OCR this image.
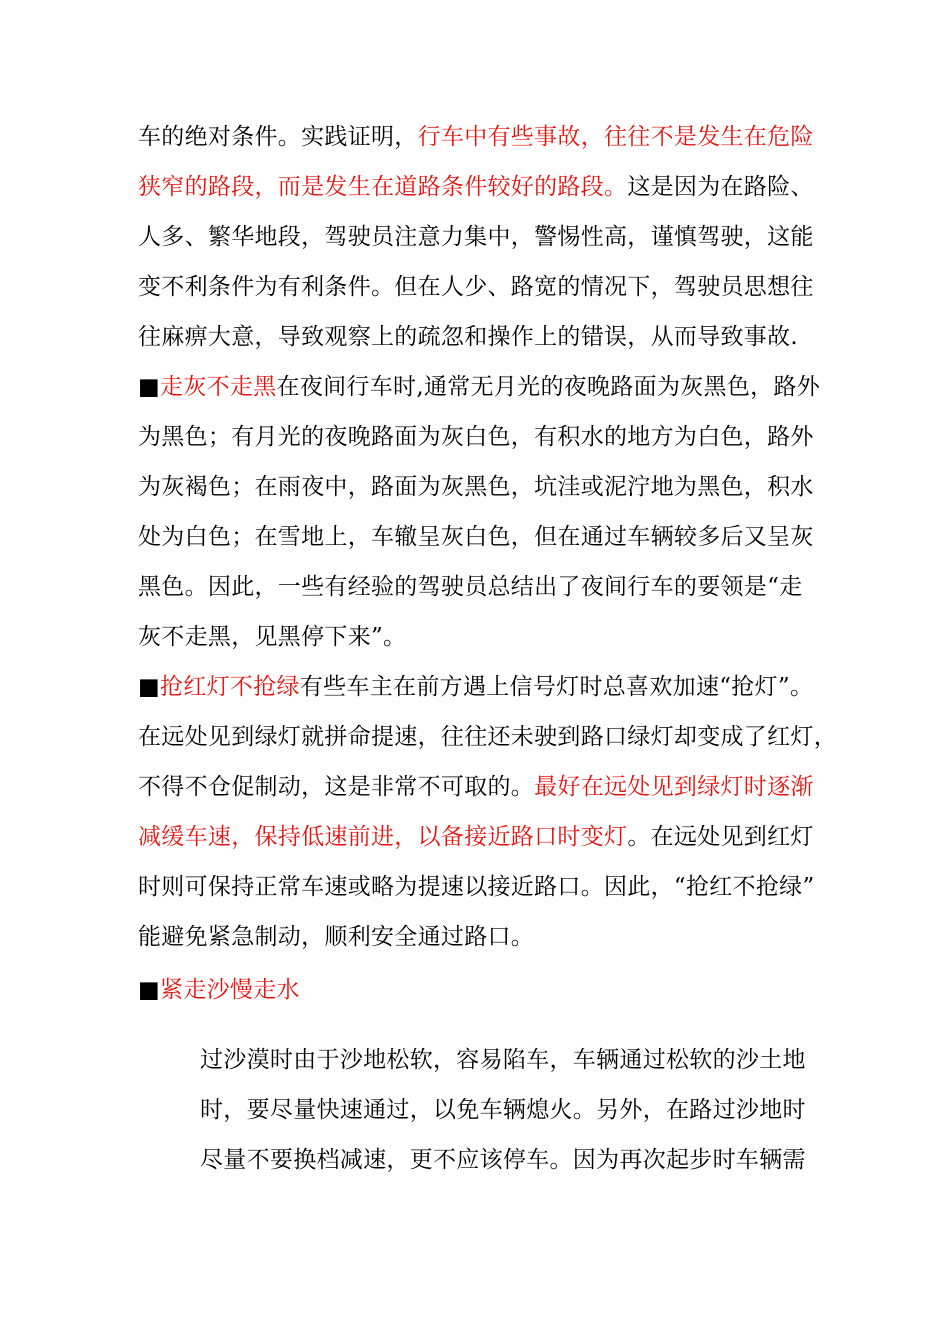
车的绝对条件。实践证明，行车中有些事故，往往不是发生在危险
狭窄的路段，而是发生在道路条件较好的路段。这是因为在路险、
人多、繁华地段，驾驶员注意力集中，警惕性高，谨慎驾驶，这能
变不利条件为有利条件。但在人少、路宽的情况下，驾驶员思想往
往麻痹大意，导致观察上的疏忽和操作上的错误，从而导致事故.
■走灰不走黑在夜间行车时,通常无月光的夜晚路面为灰黑色，路外
为黑色；有月光的夜晚路面为灰白色，有积水的地方为白色，路外
为灰褐色；在雨夜中，路面为灰黑色，坑洼或泥泞地为黑色，积水
处为白色；在雪地上，车辙呈灰白色，但在通过车辆较多后又呈灰
黑色。因此，一些有经验的驾驶员总结出了夜间行车的要领是“走
灰不走黑，见黑停下来”。
■抢红灯不抢绿有些车主在前方遇上信号灯时总喜欢加速“抢灯”。
在远处见到绿灯就拼命提速，往往还未驶到路口绿灯却变成了红灯，
不得不仓促制动，这是非常不可取的。最好在远处见到绿灯时逐渐
减缓车速，保持低速前进，以备接近路口时变灯。在远处见到红灯
时则可保持正常车速或略为提速以接近路口。因此，“抢红不抢绿”
能避免紧急制动，顺利安全通过路口。
■紧走沙慢走水
过沙漠时由于沙地松软，容易陷车，车辆通过松软的沙土地
时，要尽量快速通过，以免车辆熄火。另外，在路过沙地时
尽量不要换档减速，更不应该停车。因为再次起步时车辆需
